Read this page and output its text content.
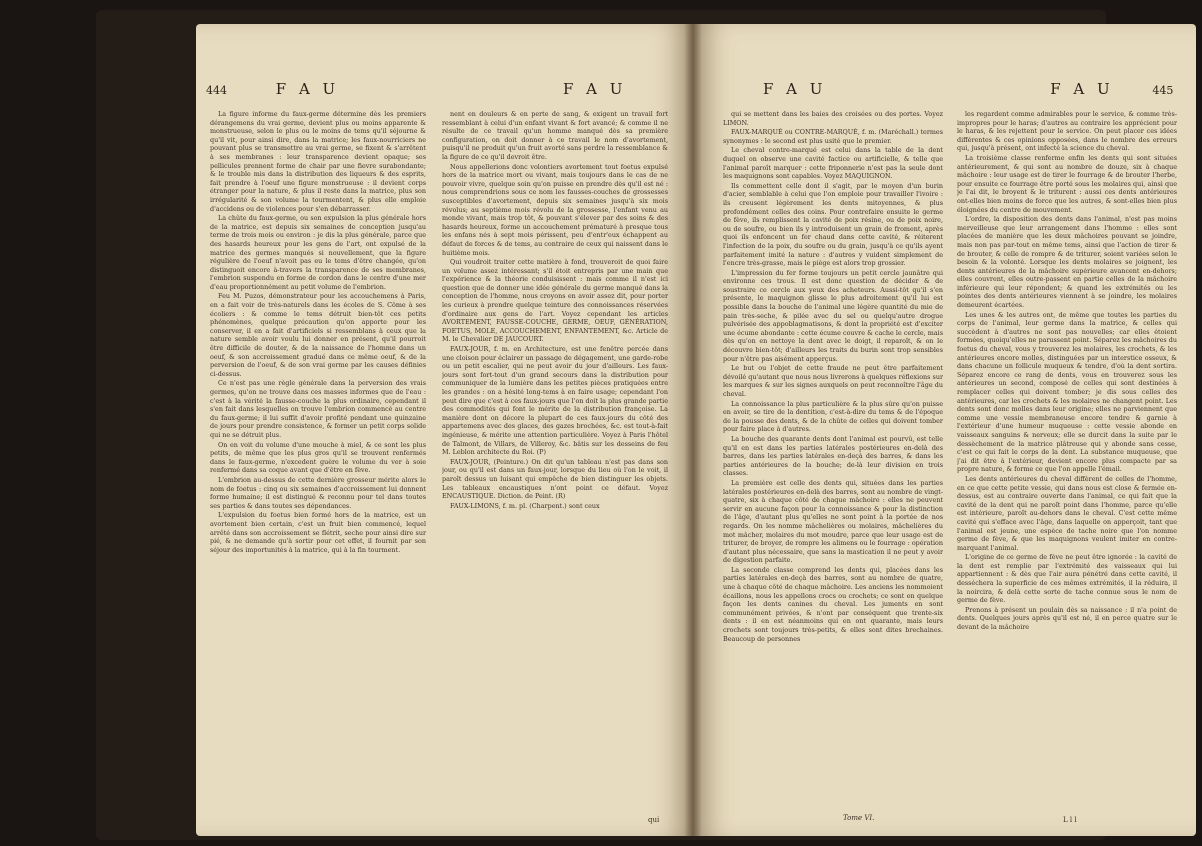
444	F A U	F A U

La figure informe du faux-germe détermine dès les premiers dérangemens du vrai germe, devient plus ou moins apparente & monstrueuse, selon le plus ou le moins de tems qu'il séjourne & qu'il vit, pour ainsi dire, dans la matrice; les faux-nourriciers ne pouvant plus se transmettre au vrai germe, se fixent & s'arrêtent à ses membranes : leur transparence devient opaque; ses pellicules prennent forme de chair par une fievre surabondante; & le trouble mis dans la distribution des liqueurs & des esprits, fait prendre à l'oeuf une figure monstrueuse : il devient corps étranger pour la nature, & plus il reste dans la matrice, plus son irrégularité & son volume la tourmentent, & plus elle emploie d'accidens ou de violences pour s'en débarrasser.

La chûte du faux-germe, ou son expulsion la plus générale hors de la matrice, est depuis six semaines de conception jusqu'au terme de trois mois ou environ : je dis la plus générale, parce que des hasards heureux pour les gens de l'art, ont expulsé de la matrice des germes manqués si nouvellement, que la figure régulière de l'oeuf n'avoit pas eu le tems d'être changée, qu'on distinguoit encore à-travers la transparence de ses membranes, l'embrion suspendu en forme de cordon dans le centre d'une mer d'eau proportionnément au petit volume de l'embrion.

Feu M. Puzos, démonstrateur pour les accouchemens à Paris, en a fait voir de très-naturels dans les écoles de S. Côme à ses écoliers : & comme le tems détruit bien-tôt ces petits phénomènes, quelque précaution qu'on apporte pour les conserver, il en a fait d'artificiels si ressemblans à ceux que la nature semble avoir voulu lui donner en présent, qu'il pourroit être difficile de douter, & de la naissance de l'homme dans un oeuf, & son accroissement gradué dans ce même oeuf, & de la perversion de l'oeuf, & de son vrai germe par les causes définies ci-dessus.

Ce n'est pas une règle générale dans la perversion des vrais germes, qu'on ne trouve dans ces masses informes que de l'eau : c'est à la vérité la fausse-couche la plus ordinaire, cependant il s'en fait dans lesquelles on trouve l'embrion commencé au centre du faux-germe; il lui suffit d'avoir profité pendant une quinzaine de jours pour prendre consistence, & former un petit corps solide qui ne se détruit plus.

On en voit du volume d'une mouche à miel, & ce sont les plus petits, de même que les plus gros qu'il se trouvent renfermés dans le faux-germe, n'excedent guère le volume du ver à soie renfermé dans sa coque avant que d'être en fève.

L'embrion au-dessus de cette dernière grosseur mérite alors le nom de foetus : cinq ou six semaines d'accroissement lui donnent forme humaine; il est distingué & reconnu pour tel dans toutes ses parties & dans toutes ses dépendances.

L'expulsion du foetus bien formé hors de la matrice, est un avortement bien certain, c'est un fruit bien commencé, lequel arrêté dans son accroissement se flétrit, seche pour ainsi dire sur pié, & ne demande qu'à sortir pour cet effet, il fournit par son séjour des importunités à la matrice, qui à la fin tourment.

nent en douleurs & en perte de sang, & exigent un travail fort ressemblant à celui d'un enfant vivant & fort avancé; & comme il ne résulte de ce travail qu'un homme manqué dès sa première configuration, on doit donner à ce travail le nom d'avortement, puisqu'il ne produit qu'un fruit avorté sans perdre la ressemblance & la figure de ce qu'il devroit être.

Nous appellerions donc volontiers avortement tout foetus expulsé hors de la matrice mort ou vivant, mais toujours dans le cas de ne pouvoir vivre, quelque soin qu'on puisse en prendre dès qu'il est né : nous comprendrions sous ce nom les fausses-couches de grossesses susceptibles d'avortement, depuis six semaines jusqu'à six mois révolus; au septième mois révolu de la grossesse, l'enfant venu au monde vivant, mais trop tôt, & pouvant s'élever par des soins & des hasards heureux, forme un accouchement prématuré à presque tous les enfans nés à sept mois périssent, peu d'entr'eux échappent au défaut de forces & de tems, au contraire de ceux qui naissent dans le huitième mois.

Qui voudroit traiter cette matière à fond, trouveroit de quoi faire un volume assez intéressant; s'il étoit entrepris par une main que l'expérience & la théorie conduisissent : mais comme il n'est ici question que de donner une idée générale du germe manqué dans la conception de l'homme, nous croyons en avoir assez dit, pour porter les curieux à prendre quelque teinture des connoissances réservées d'ordinaire aux gens de l'art. Voyez cependant les articles AVORTEMENT, FAUSSE-COUCHE, GERME, OEUF, GÉNÉRATION, FOETUS, MOLE, ACCOUCHEMENT, ENFANTEMENT, &c. Article de M. le Chevalier DE JAUCOURT.

FAUX-JOUR, f. m. en Architecture, est une fenêtre percée dans une cloison pour éclairer un passage de dégagement, une garde-robe ou un petit escalier, qui ne peut avoir du jour d'ailleurs. Les faux-jours sont fort-tout d'un grand secours dans la distribution pour communiquer de la lumière dans les petites pièces pratiquées entre les grandes : on a hésité long-tems à en faire usage; cependant l'on peut dire que c'est à ces faux-jours que l'on doit la plus grande partie des commodités qui font le mérite de la distribution françoise. La manière dont on décore la plupart de ces faux-jours du côté des appartemens avec des glaces, des gazes brochées, &c. est tout-à-fait ingénieuse, & mérite une attention particulière. Voyez à Paris l'hôtel de Talmont, de Villars, de Villeroy, &c. bâtis sur les desseins de feu M. Leblon architecte du Roi. (P)

FAUX-JOUR, (Peinture.) On dit qu'un tableau n'est pas dans son jour, ou qu'il est dans un faux-jour, lorsque du lieu où l'on le voit, il paroît dessus un luisant qui empêche de bien distinguer les objets. Les tableaux encaustiques n'ont point ce défaut. Voyez ENCAUSTIQUE. Diction. de Peint. (R)

FAUX-LIMONS, f. m. pl. (Charpent.) sont ceux

qui
F A U	F A U	445

qui se mettent dans les baies des croisées ou des portes. Voyez LIMON.

FAUX-MARQUÉ ou CONTRE-MARQUÉ, f. m. (Maréchall.) termes synonymes : le second est plus usité que le premier.

Le cheval contre-marqué est celui dans la table de la dent duquel on observe une cavité factice ou artificielle, & telle que l'animal paroît marquer : cette friponnerie n'est pas la seule dont les maquignons sont capables. Voyez MAQUIGNON.

Ils commettent celle dont il s'agit, par le moyen d'un burin d'acier, semblable à celui que l'on emploie pour travailler l'ivoire : ils creusent légèrement les dents mitoyennes, & plus profondément celles des coins. Pour contrefaire ensuite le germe de fève, ils remplissent la cavité de poix résine, ou de poix noire, ou de soufre, ou bien ils y introduisent un grain de froment, après quoi ils enfoncent un fer chaud dans cette cavité, & réiterent l'infection de la poix, du soufre ou du grain, jusqu'à ce qu'ils ayent parfaitement imité la nature : d'autres y vuident simplement de l'encre très-grasse, mais le piège est alors trop grossier.

L'impression du fer forme toujours un petit cercle jaunâtre qui environne ces trous. Il est donc question de décider & de soustraire ce cercle aux yeux des acheteurs. Aussi-tôt qu'il s'en présente, le maquignon glisse le plus adroitement qu'il lui est possible dans la bouche de l'animal une légère quantité du mie de pain très-seche, & pilée avec du sel ou quelqu'autre drogue pulvérisée des appoblagmatisons, & dont la propriété est d'exciter une écume abondante : cette écume couvre & cache le cercle, mais dès qu'on en nettoye la dent avec le doigt, il reparoît, & on le découvre bien-tôt; d'ailleurs les traits du burin sont trop sensibles pour n'être pas aisément apperçus.

Le but ou l'objet de cette fraude ne peut être parfaitement dévoilé qu'autant que nous nous livrerons à quelques réflexions sur les marques & sur les signes auxquels on peut reconnoître l'âge du cheval.

La connoissance la plus particulière & la plus sûre qu'on puisse en avoir, se tire de la dentition, c'est-à-dire du tems & de l'époque de la pousse des dents, & de la chûte de celles qui doivent tomber pour faire place à d'autres.

La bouche des quarante dents dont l'animal est pourvû, est telle qu'il en est dans les parties latérales postérieures en-delà des barres, dans les parties latérales en-deçà des barres, & dans les parties antérieures de la bouche; de-là leur division en trois classes.

La première est celle des dents qui, situées dans les parties latérales postérieures en-delà des barres, sont au nombre de vingt-quatre, six à chaque côté de chaque mâchoire : elles ne peuvent servir en aucune façon pour la connoissance & pour la distinction de l'âge, d'autant plus qu'elles ne sont point à la portée de nos regards. On les nomme mâchelières ou molaires, mâchelières du mot mâcher, molaires du mot moudre, parce que leur usage est de triturer, de broyer, de rompre les alimens ou le fourrage : opération d'autant plus nécessaire, que sans la mastication il ne peut y avoir de digestion parfaite.

La seconde classe comprend les dents qui, placées dans les parties latérales en-deçà des barres, sont au nombre de quatre, une à chaque côté de chaque mâchoire. Les anciens les nommoient écaillons, nous les appellons crocs ou crochets; ce sont en quelque façon les dents canines du cheval. Les juments en sont communément privées, & n'ont par conséquent que trente-six dents : il en est néanmoins qui en ont quarante, mais leurs crochets sont toujours très-petits, & elles sont dites brechaines. Beaucoup de personnes

les regardent comme admirables pour le service, & comme très-impropres pour le haras; d'autres au contraire les apprécient pour le haras, & les rejettent pour le service. On peut placer ces idées différentes & ces opinions opposées, dans le nombre des erreurs qui, jusqu'à présent, ont infecté la science du cheval.

La troisième classe renferme enfin les dents qui sont situées antérieurement, & qui sont au nombre de douze, six à chaque mâchoire : leur usage est de tirer le fourrage & de brouter l'herbe, pour ensuite ce fourrage être porté sous les molaires qui, ainsi que je l'ai dit, le broyent & le triturent : aussi ces dents antérieures ont-elles bien moins de force que les autres, & sont-elles bien plus éloignées du centre de mouvement.

L'ordre, la disposition des dents dans l'animal, n'est pas moins merveilleuse que leur arrangement dans l'homme : elles sont placées de manière que les deux mâchoires pouvant se joindre, mais non pas par-tout en même tems, ainsi que l'action de tirer & de brouter, & celle de rompre & de triturer, soient variées selon le besoin & la volonté. Lorsque les dents molaires se joignent, les dents antérieures de la mâchoire supérieure avancent en-dehors; elles couvrent, elles outre-passent en partie celles de la mâchoire inférieure qui leur répondent; & quand les extrémités ou les pointes des dents antérieures viennent à se joindre, les molaires demeurent écartées.

Les unes & les autres ont, de même que toutes les parties du corps de l'animal, leur germe dans la matrice, & celles qui succèdent à d'autres ne sont pas nouvelles; car elles étoient formées, quoiqu'elles ne parussent point. Séparez les mâchoires du foetus du cheval, vous y trouverez les molaires, les crochets, & les antérieures encore molles, distinguées par un interstice osseux, & dans chacune un follicule muqueux & tendre, d'où la dent sortira. Séparez encore ce rang de dents, vous en trouverez sous les antérieures un second, composé de celles qui sont destinées à remplacer celles qui doivent tomber; je dis sous celles des antérieures, car les crochets & les molaires ne changent point. Les dents sont donc molles dans leur origine; elles ne parviennent que comme une vessie membraneuse encore tendre & garnie à l'extérieur d'une humeur muqueuse : cette vessie abonde en vaisseaux sanguins & nerveux; elle se durcit dans la suite par le dessèchement de la matrice plâtreuse qui y abonde sans cesse, c'est ce qui fait le corps de la dent. La substance muqueuse, que j'ai dit être à l'extérieur, devient encore plus compacte par sa propre nature, & forme ce que l'on appelle l'émail.

Les dents antérieures du cheval diffèrent de celles de l'homme, en ce que cette petite vessie, qui dans nous est close & fermée en-dessus, est au contraire ouverte dans l'animal, ce qui fait que la cavité de la dent qui ne paroît point dans l'homme, parce qu'elle est intérieure, paroît au-dehors dans le cheval. C'est cette même cavité qui s'efface avec l'âge, dans laquelle on apperçoit, tant que l'animal est jeune, une espèce de tache noire que l'on nomme germe de fève, & que les maquignons veulent imiter en contre-marquant l'animal.

L'origine de ce germe de fève ne peut être ignorée : la cavité de la dent est remplie par l'extrémité des vaisseaux qui lui appartiennent : & dès que l'air aura pénétré dans cette cavité, il desséchera la superficie de ces mêmes extrémités, il la réduira, il la noircira, & delà cette sorte de tache connue sous le nom de germe de fève.

Prenons à présent un poulain dès sa naissance : il n'a point de dents. Quelques jours après qu'il est né, il en perce quatre sur le devant de la mâchoire

Tome VI.	L l l
